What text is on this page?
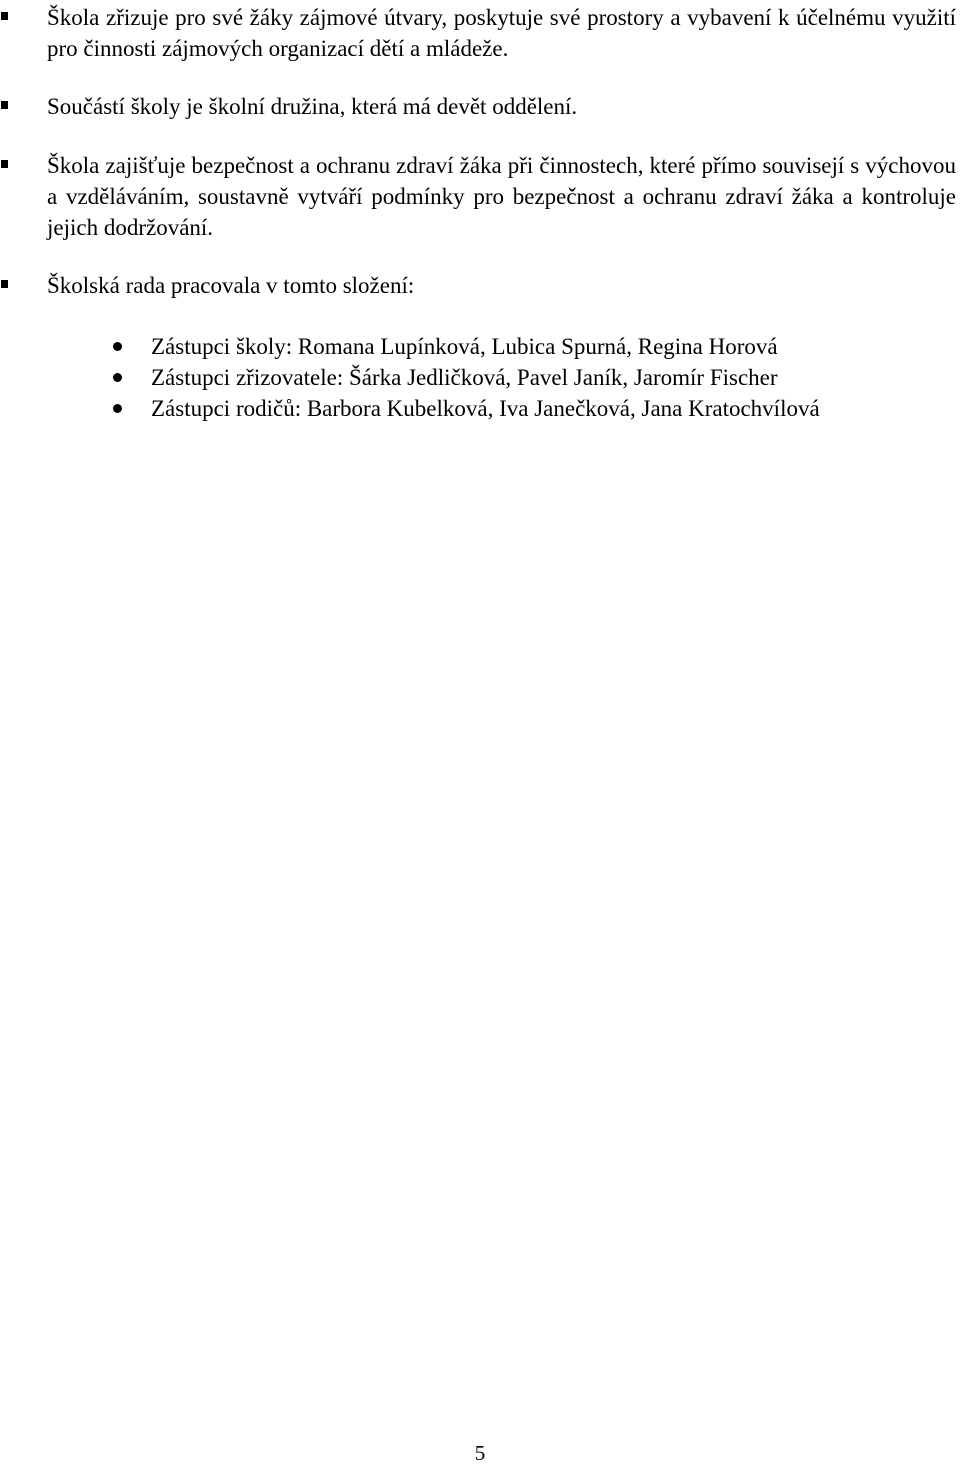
Škola zřizuje pro své žáky zájmové útvary, poskytuje své prostory a vybavení k účelnému využití pro činnosti zájmových organizací dětí a mládeže.

Součástí školy je školní družina, která má devět oddělení.

Škola zajišťuje bezpečnost a ochranu zdraví žáka při činnostech, které přímo souvisejí s výchovou a vzděláváním, soustavně vytváří podmínky pro bezpečnost a ochranu zdraví žáka a kontroluje jejich dodržování.

Školská rada pracovala v tomto složení:

Zástupci školy: Romana Lupínková, Lubica Spurná, Regina Horová
Zástupci zřizovatele: Šárka Jedličková, Pavel Janík, Jaromír Fischer
Zástupci rodičů: Barbora Kubelková, Iva Janečková, Jana Kratochvílová
5
